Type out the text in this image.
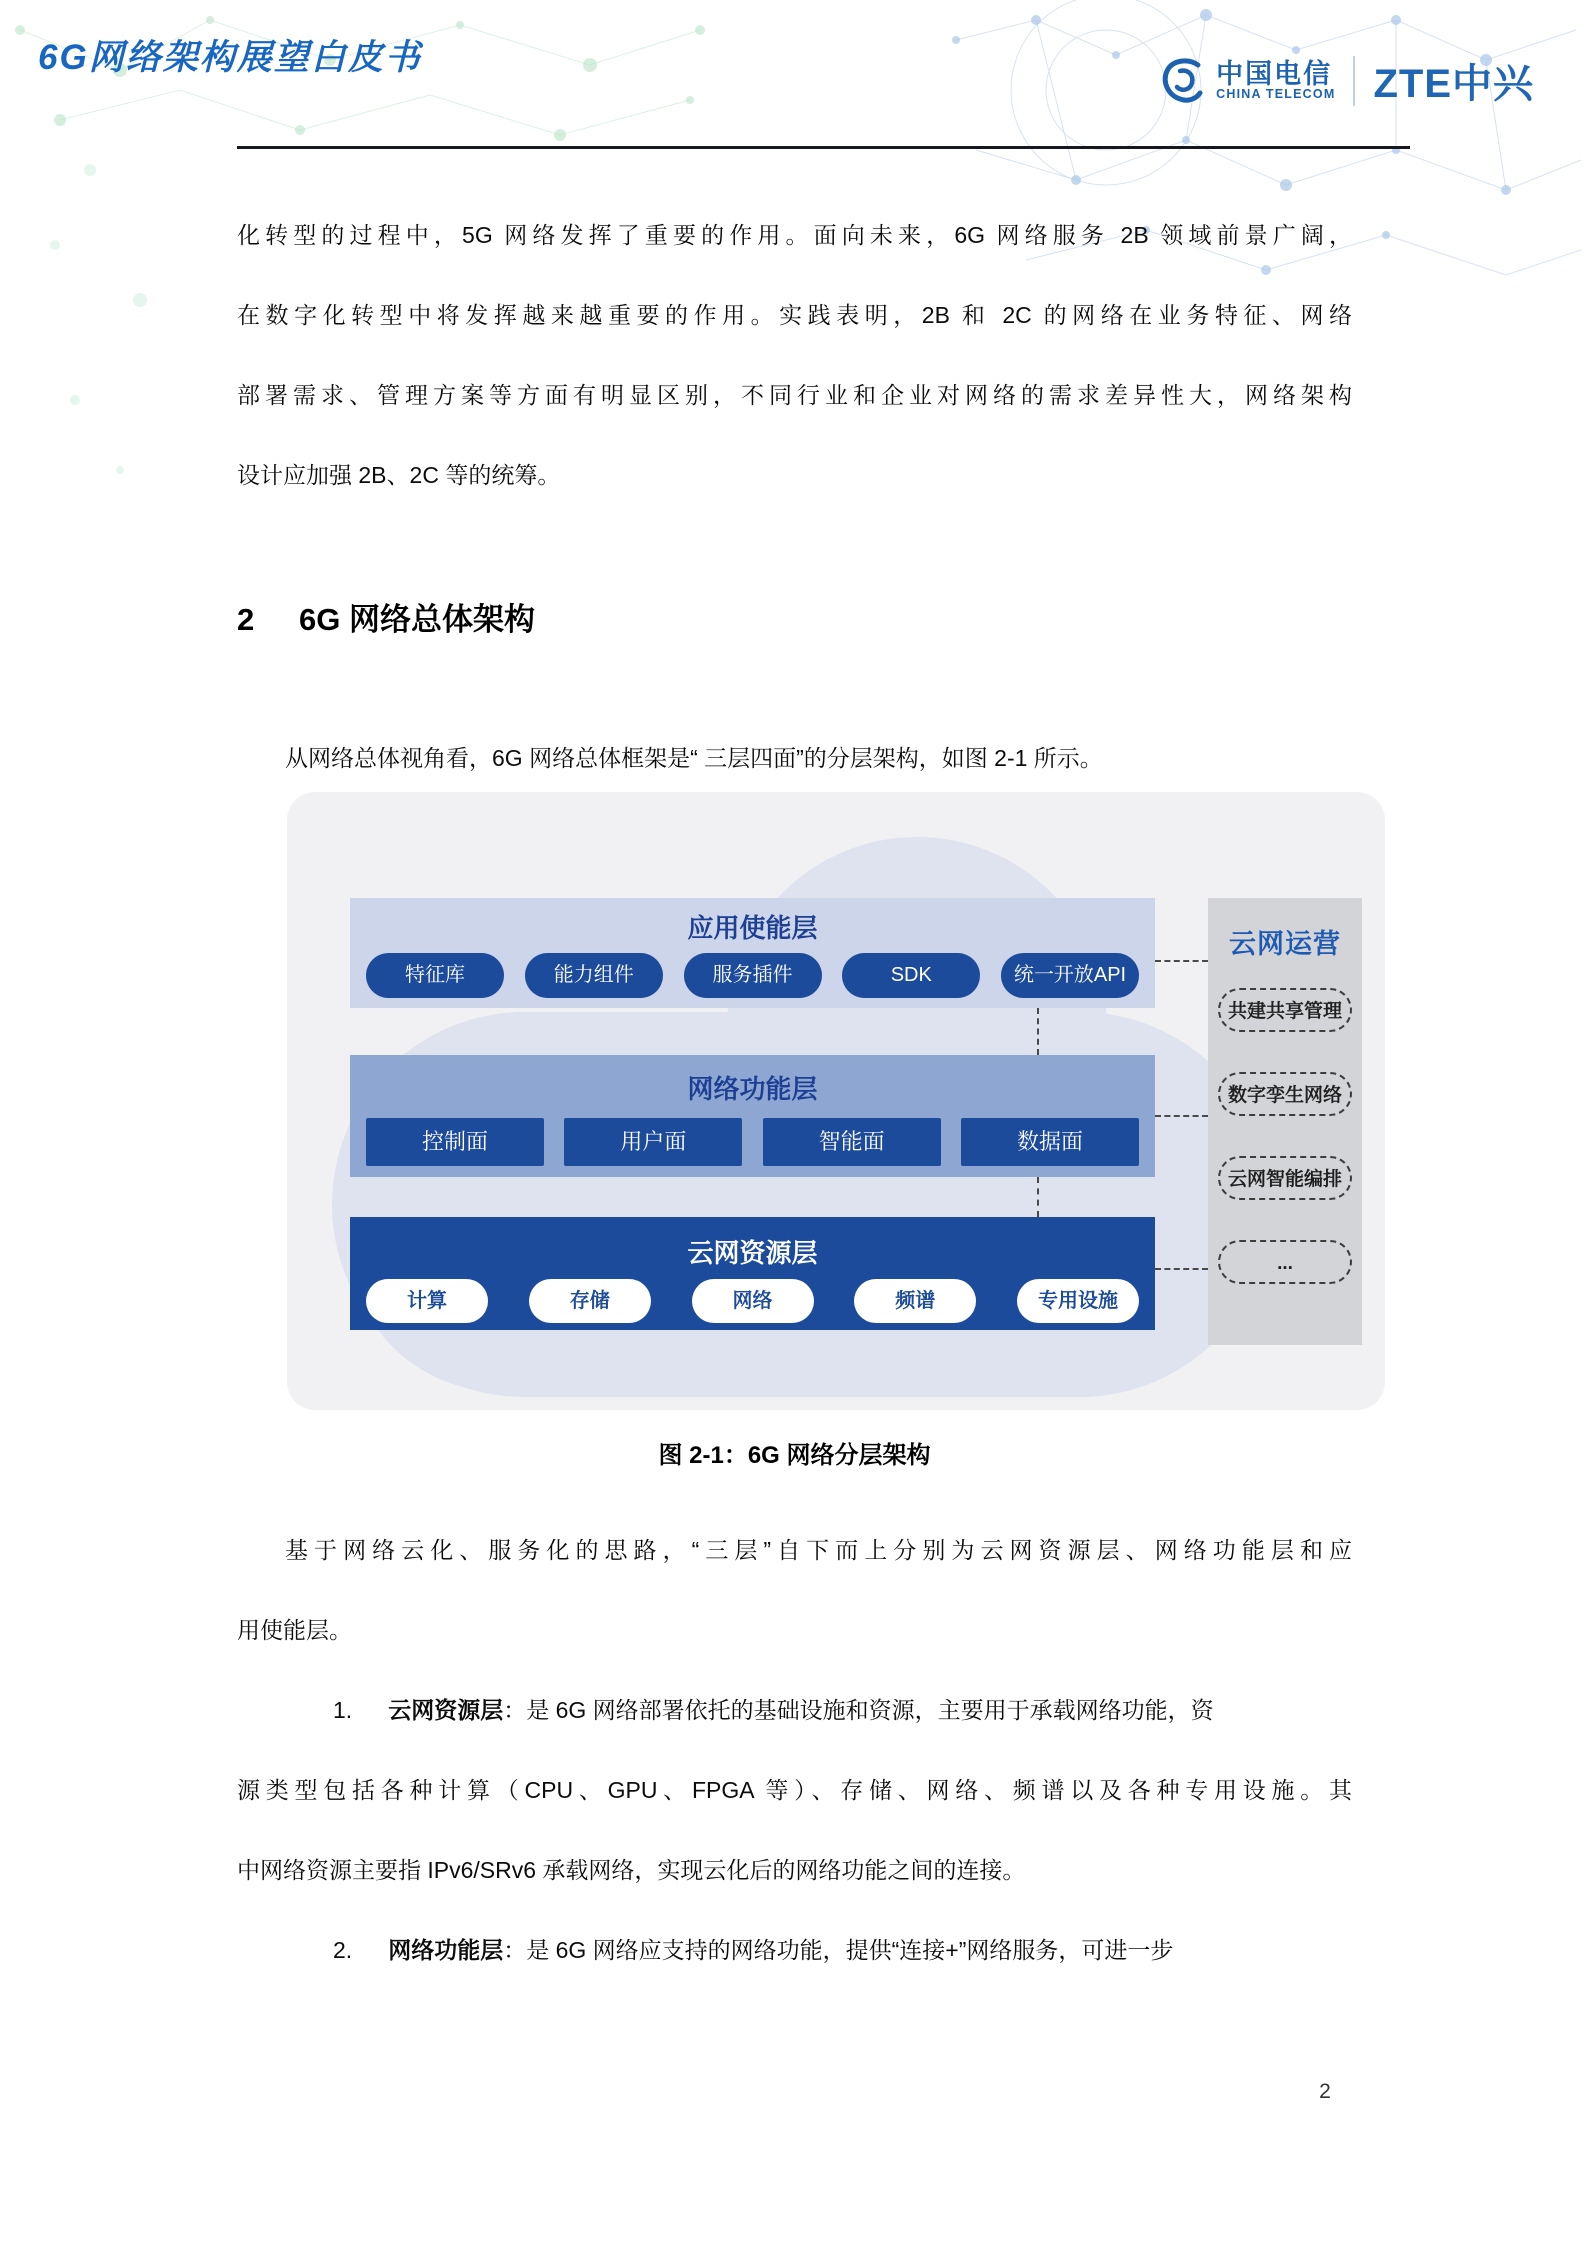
6G网络架构展望白皮书	中国电信
CHINA TELECOM ZTE中兴
化转型的过程中，5G 网络发挥了重要的作用。面向未来，6G 网络服务 2B 领域前景广阔，
在数字化转型中将发挥越来越重要的作用。实践表明，2B 和 2C 的网络在业务特征、网络
部署需求、管理方案等方面有明显区别，不同行业和企业对网络的需求差异性大，网络架构
设计应加强 2B、2C 等的统筹。
2	6G 网络总体架构
从网络总体视角看，6G 网络总体框架是“ 三层四面”的分层架构，如图 2-1 所示。
应用使能层
特征库	能力组件	服务插件	SDK	统一开放API
网络功能层
控制面	用户面	智能面	数据面
云网资源层
计算	存储	网络	频谱	专用设施
云网运营
共建共享管理
数字孪生网络
云网智能编排
...
图 2-1：6G 网络分层架构
基于网络云化、服务化的思路，“三层”自下而上分别为云网资源层、网络功能层和应
用使能层。
1. 云网资源层：是 6G 网络部署依托的基础设施和资源，主要用于承载网络功能，资
源类型包括各种计算（CPU、GPU、FPGA 等）、存储、网络、频谱以及各种专用设施。其
中网络资源主要指 IPv6/SRv6 承载网络，实现云化后的网络功能之间的连接。
2. 网络功能层：是 6G 网络应支持的网络功能，提供“连接+”网络服务，可进一步
2
